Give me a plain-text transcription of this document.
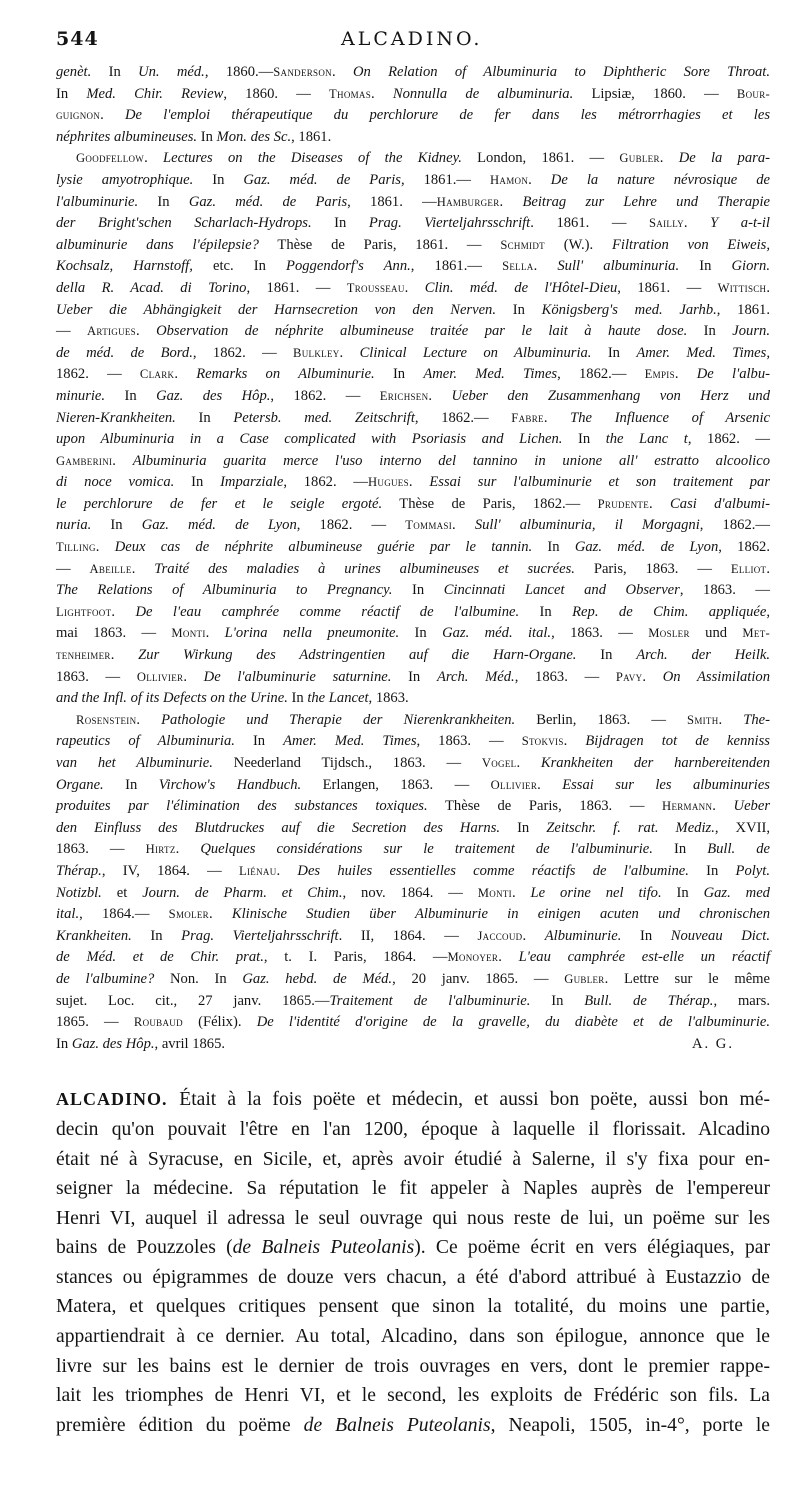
544	ALCADINO.
genèt. In Un. méd., 1860.—Sanderson. On Relation of Albuminuria to Diphtheric Sore Throat.
In Med. Chir. Review, 1860. — Thomas. Nonnulla de albuminuria. Lipsiæ, 1860. — Bour-
guignon. De l'emploi thérapeutique du perchlorure de fer dans les métrorrhagies et les
néphrites albumineuses. In Mon. des Sc., 1861.
Goodfellow. Lectures on the Diseases of the Kidney. London, 1861. — Gubler. De la para-
lysie amyotrophique. In Gaz. méd. de Paris, 1861.— Hamon. De la nature névrosique de
l'albuminurie. In Gaz. méd. de Paris, 1861. —Hamburger. Beitrag zur Lehre und Therapie
der Bright'schen Scharlach-Hydrops. In Prag. Vierteljahrsschrift. 1861. — Sailly. Y a-t-il
albuminurie dans l'épilepsie? Thèse de Paris, 1861. — Schmidt (W.). Filtration von Eiweis,
Kochsalz, Harnstoff, etc. In Poggendorf's Ann., 1861.— Sella. Sull' albuminuria. In Giorn.
della R. Acad. di Torino, 1861. — Trousseau. Clin. méd. de l'Hôtel-Dieu, 1861. — Wittisch.
Ueber die Abhängigkeit der Harnsecretion von den Nerven. In Königsberg's med. Jarhb., 1861.
— Artigues. Observation de néphrite albumineuse traitée par le lait à haute dose. In Journ.
de méd. de Bord., 1862. — Bulkley. Clinical Lecture on Albuminuria. In Amer. Med. Times,
1862. — Clark. Remarks on Albuminurie. In Amer. Med. Times, 1862.— Empis. De l'albu-
minurie. In Gaz. des Hôp., 1862. — Erichsen. Ueber den Zusammenhang von Herz und
Nieren-Krankheiten. In Petersb. med. Zeitschrift, 1862.— Fabre. The Influence of Arsenic
upon Albuminuria in a Case complicated with Psoriasis and Lichen. In the Lanc t, 1862. —
Gamberini. Albuminuria guarita merce l'uso interno del tannino in unione all' estratto alcoolico
di noce vomica. In Imparziale, 1862. —Hugues. Essai sur l'albuminurie et son traitement par
le perchlorure de fer et le seigle ergoté. Thèse de Paris, 1862.— Prudente. Casi d'albumi-
nuria. In Gaz. méd. de Lyon, 1862. — Tommasi. Sull' albuminuria, il Morgagni, 1862.—
Tilling. Deux cas de néphrite albumineuse guérie par le tannin. In Gaz. méd. de Lyon, 1862.
— Abeille. Traité des maladies à urines albumineuses et sucrées. Paris, 1863. — Elliot.
The Relations of Albuminuria to Pregnancy. In Cincinnati Lancet and Observer, 1863. —
Lightfoot. De l'eau camphrée comme réactif de l'albumine. In Rep. de Chim. appliquée,
mai 1863. — Monti. L'orina nella pneumonite. In Gaz. méd. ital., 1863. — Mosler und Met-
tenheimer. Zur Wirkung des Adstringentien auf die Harn-Organe. In Arch. der Heilk.
1863. — Ollivier. De l'albuminurie saturnine. In Arch. Méd., 1863. — Pavy. On Assimilation
and the Infl. of its Defects on the Urine. In the Lancet, 1863.
Rosenstein. Pathologie und Therapie der Nierenkrankheiten. Berlin, 1863. — Smith. The-
rapeutics of Albuminuria. In Amer. Med. Times, 1863. — Stokvis. Bijdragen tot de kenniss
van het Albuminurie. Neederland Tijdsch., 1863. — Vogel. Krankheiten der harnbereitenden
Organe. In Virchow's Handbuch. Erlangen, 1863. — Ollivier. Essai sur les albuminuries
produites par l'élimination des substances toxiques. Thèse de Paris, 1863. — Hermann. Ueber
den Einfluss des Blutdruckes auf die Secretion des Harns. In Zeitschr. f. rat. Mediz., XVII,
1863. — Hirtz. Quelques considérations sur le traitement de l'albuminurie. In Bull. de
Thérap., IV, 1864. — Liénau. Des huiles essentielles comme réactifs de l'albumine. In Polyt.
Notizbl. et Journ. de Pharm. et Chim., nov. 1864. — Monti. Le orine nel tifo. In Gaz. med
ital., 1864.— Smoler. Klinische Studien über Albuminurie in einigen acuten und chronischen
Krankheiten. In Prag. Vierteljahrsschrift. II, 1864. — Jaccoud. Albuminurie. In Nouveau Dict.
de Méd. et de Chir. prat., t. I. Paris, 1864. —Monoyer. L'eau camphrée est-elle un réactif
de l'albumine? Non. In Gaz. hebd. de Méd., 20 janv. 1865. — Gubler. Lettre sur le même
sujet. Loc. cit., 27 janv. 1865.—Traitement de l'albuminurie. In Bull. de Thérap., mars.
1865. — Roubaud (Félix). De l'identité d'origine de la gravelle, du diabète et de l'albuminurie.
In Gaz. des Hôp., avril 1865.	A. G.
ALCADINO. Était à la fois poëte et médecin, et aussi bon poëte, aussi bon mé-
decin qu'on pouvait l'être en l'an 1200, époque à laquelle il florissait. Alcadino
était né à Syracuse, en Sicile, et, après avoir étudié à Salerne, il s'y fixa pour en-
seigner la médecine. Sa réputation le fit appeler à Naples auprès de l'empereur
Henri VI, auquel il adressa le seul ouvrage qui nous reste de lui, un poëme sur les
bains de Pouzzoles (de Balneis Puteolanis). Ce poëme écrit en vers élégiaques, par
stances ou épigrammes de douze vers chacun, a été d'abord attribué à Eustazzio de
Matera, et quelques critiques pensent que sinon la totalité, du moins une partie,
appartiendrait à ce dernier. Au total, Alcadino, dans son épilogue, annonce que le
livre sur les bains est le dernier de trois ouvrages en vers, dont le premier rappe-
lait les triomphes de Henri VI, et le second, les exploits de Frédéric son fils. La
première édition du poëme de Balneis Puteolanis, Neapoli, 1505, in-4°, porte le
